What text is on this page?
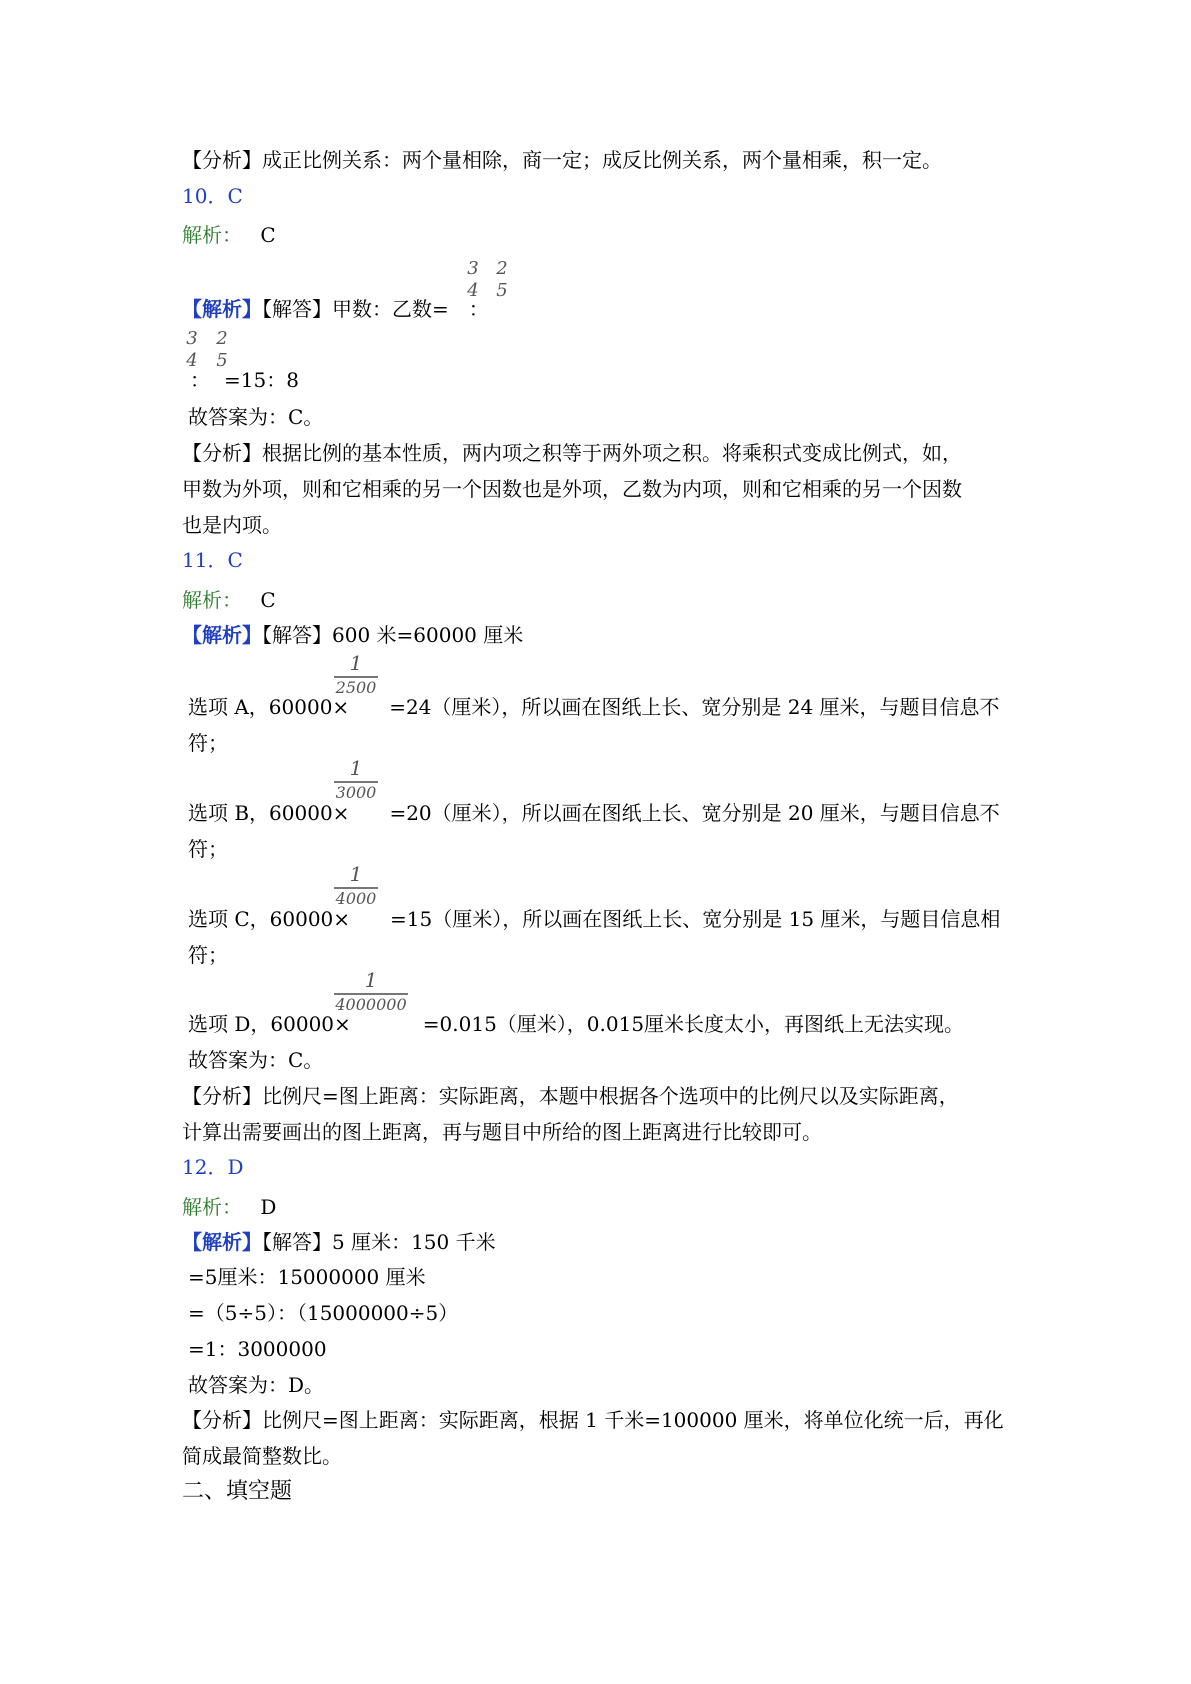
【分析】成正比例关系：两个量相除，商一定；成反比例关系，两个量相乘，积一定。
10．C
解析： C
3
4
2
5
【解析】【解答】甲数：乙数= ：
3
4
2
5
： =15：8
故答案为：C。
【分析】根据比例的基本性质，两内项之积等于两外项之积。将乘积式变成比例式，如，
甲数为外项，则和它相乘的另一个因数也是外项，乙数为内项，则和它相乘的另一个因数
也是内项。
11．C
解析： C
【解析】【解答】600 米=60000 厘米
1
2500
选项 A，60000× =24（厘米），所以画在图纸上长、宽分别是 24 厘米，与题目信息不
符；
1
3000
选项 B，60000× =20（厘米），所以画在图纸上长、宽分别是 20 厘米，与题目信息不
符；
1
4000
选项 C，60000× =15（厘米），所以画在图纸上长、宽分别是 15 厘米，与题目信息相
符；
1
4000000
选项 D，60000×	=0.015（厘米），0.015厘米长度太小，再图纸上无法实现。
故答案为：C。
【分析】比例尺=图上距离：实际距离，本题中根据各个选项中的比例尺以及实际距离，
计算出需要画出的图上距离，再与题目中所给的图上距离进行比较即可。
12．D
解析： D
【解析】【解答】5 厘米：150 千米
=5厘米：15000000 厘米
=（5÷5）：（15000000÷5）
=1：3000000
故答案为：D。
【分析】比例尺=图上距离：实际距离，根据 1 千米=100000 厘米，将单位化统一后，再化
简成最简整数比。
二、填空题
